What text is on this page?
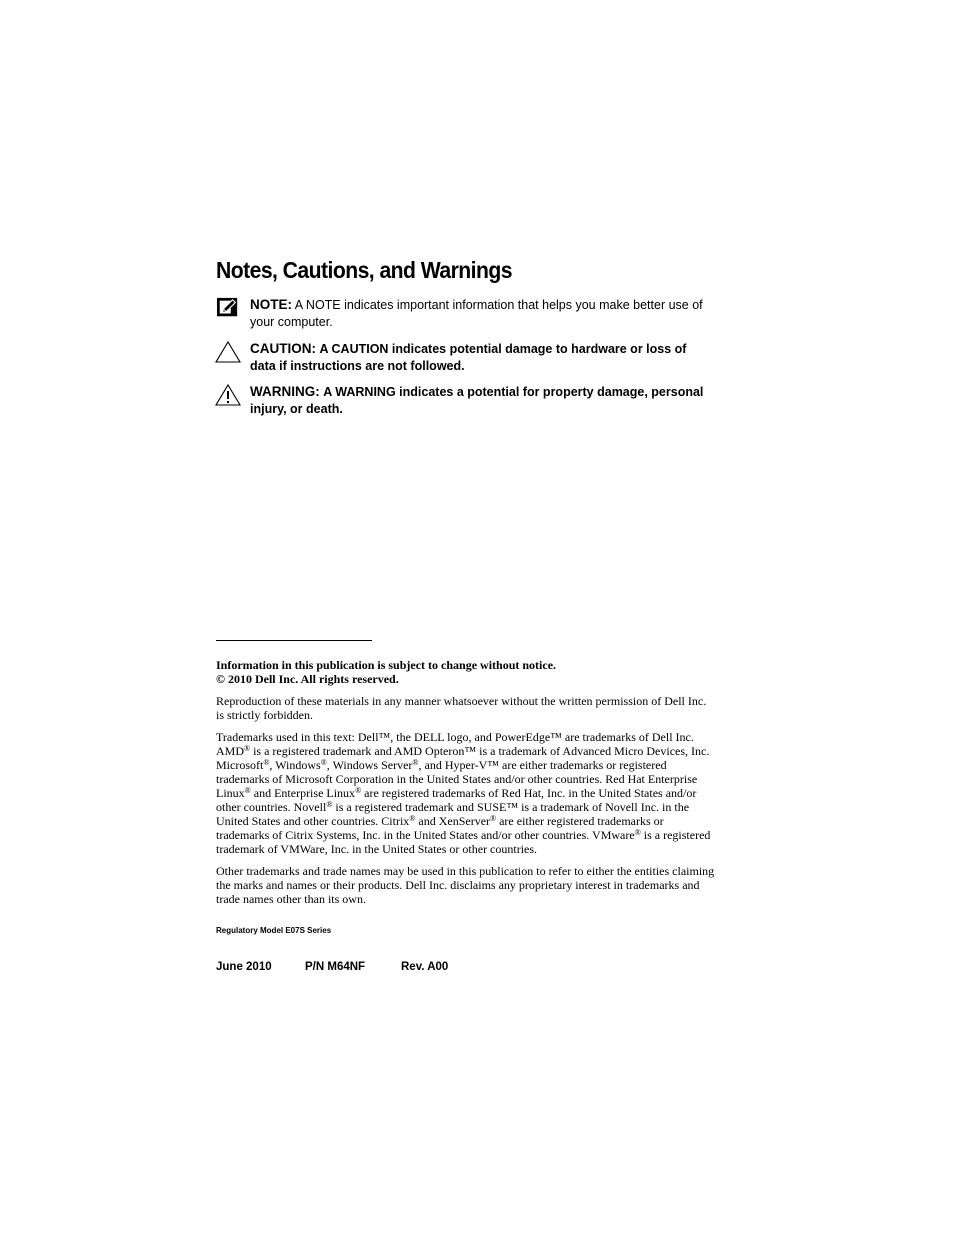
Notes, Cautions, and Warnings
NOTE: A NOTE indicates important information that helps you make better use of your computer.
CAUTION: A CAUTION indicates potential damage to hardware or loss of data if instructions are not followed.
WARNING: A WARNING indicates a potential for property damage, personal injury, or death.

Information in this publication is subject to change without notice.

© 2010 Dell Inc. All rights reserved.

Reproduction of these materials in any manner whatsoever without the written permission of Dell Inc. is strictly forbidden.

Trademarks used in this text: Dell™, the DELL logo, and PowerEdge™ are trademarks of Dell Inc. AMD® is a registered trademark and AMD Opteron™ is a trademark of Advanced Micro Devices, Inc. Microsoft®, Windows®, Windows Server®, and Hyper-V™ are either trademarks or registered trademarks of Microsoft Corporation in the United States and/or other countries. Red Hat Enterprise Linux® and Enterprise Linux® are registered trademarks of Red Hat, Inc. in the United States and/or other countries. Novell® is a registered trademark and SUSE™ is a trademark of Novell Inc. in the United States and other countries. Citrix® and XenServer® are either registered trademarks or trademarks of Citrix Systems, Inc. in the United States and/or other countries. VMware® is a registered trademark of VMWare, Inc. in the United States or other countries.

Other trademarks and trade names may be used in this publication to refer to either the entities claiming the marks and names or their products. Dell Inc. disclaims any proprietary interest in trademarks and trade names other than its own.

Regulatory Model E07S Series
June 2010	P/N M64NF	Rev. A00
